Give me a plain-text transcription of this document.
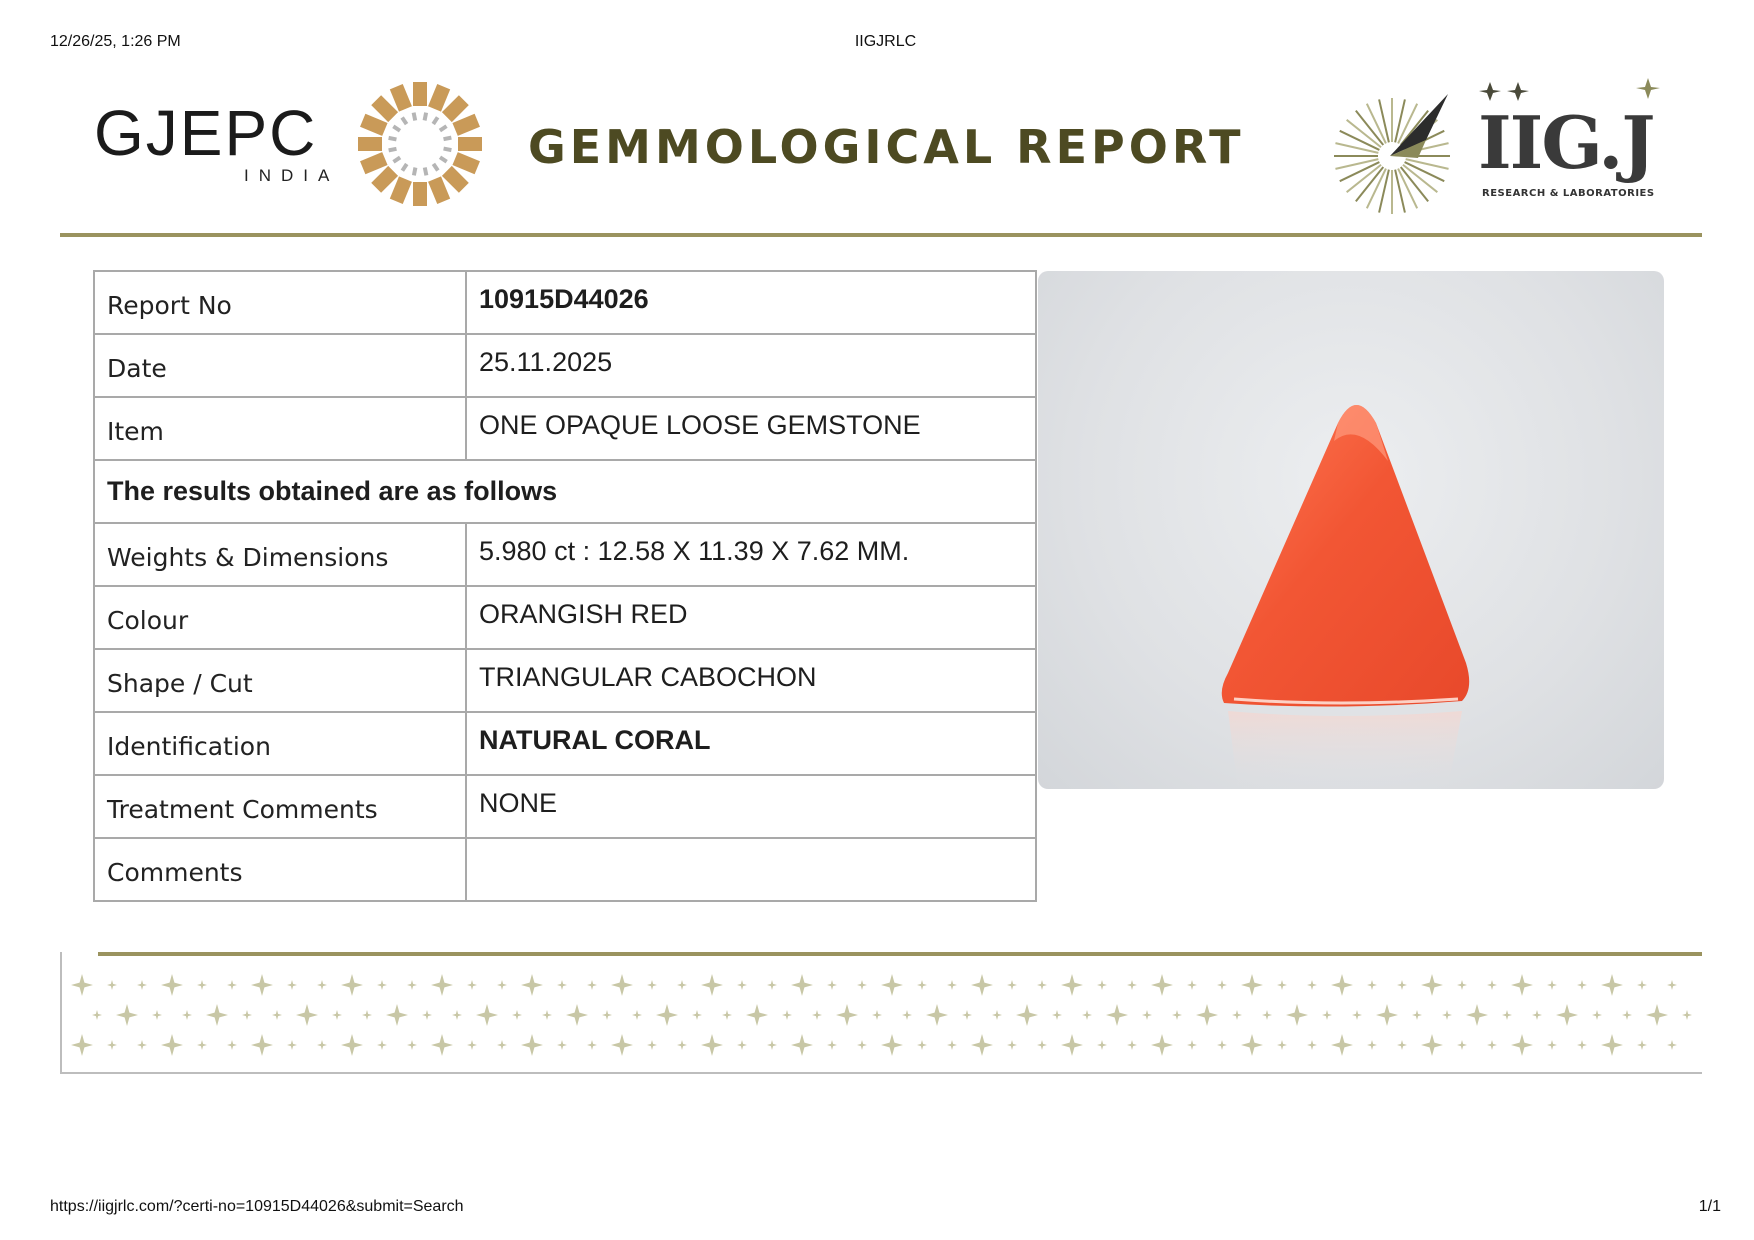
12/26/25, 1:26 PM	IIGJRLC
GJEPC
INDIA
GEMMOLOGICAL REPORT	IIG.J
RESEARCH & LABORATORIES
Report No	10915D44026
Date	25.11.2025
Item	ONE OPAQUE LOOSE GEMSTONE
The results obtained are as follows	
Weights & Dimensions	5.980 ct : 12.58 X 11.39 X 7.62 MM.
Colour	ORANGISH RED
Shape / Cut	TRIANGULAR CABOCHON
Identification	NATURAL CORAL
Treatment Comments	NONE
Comments	
https://iigjrlc.com/?certi-no=10915D44026&submit=Search	1/1
